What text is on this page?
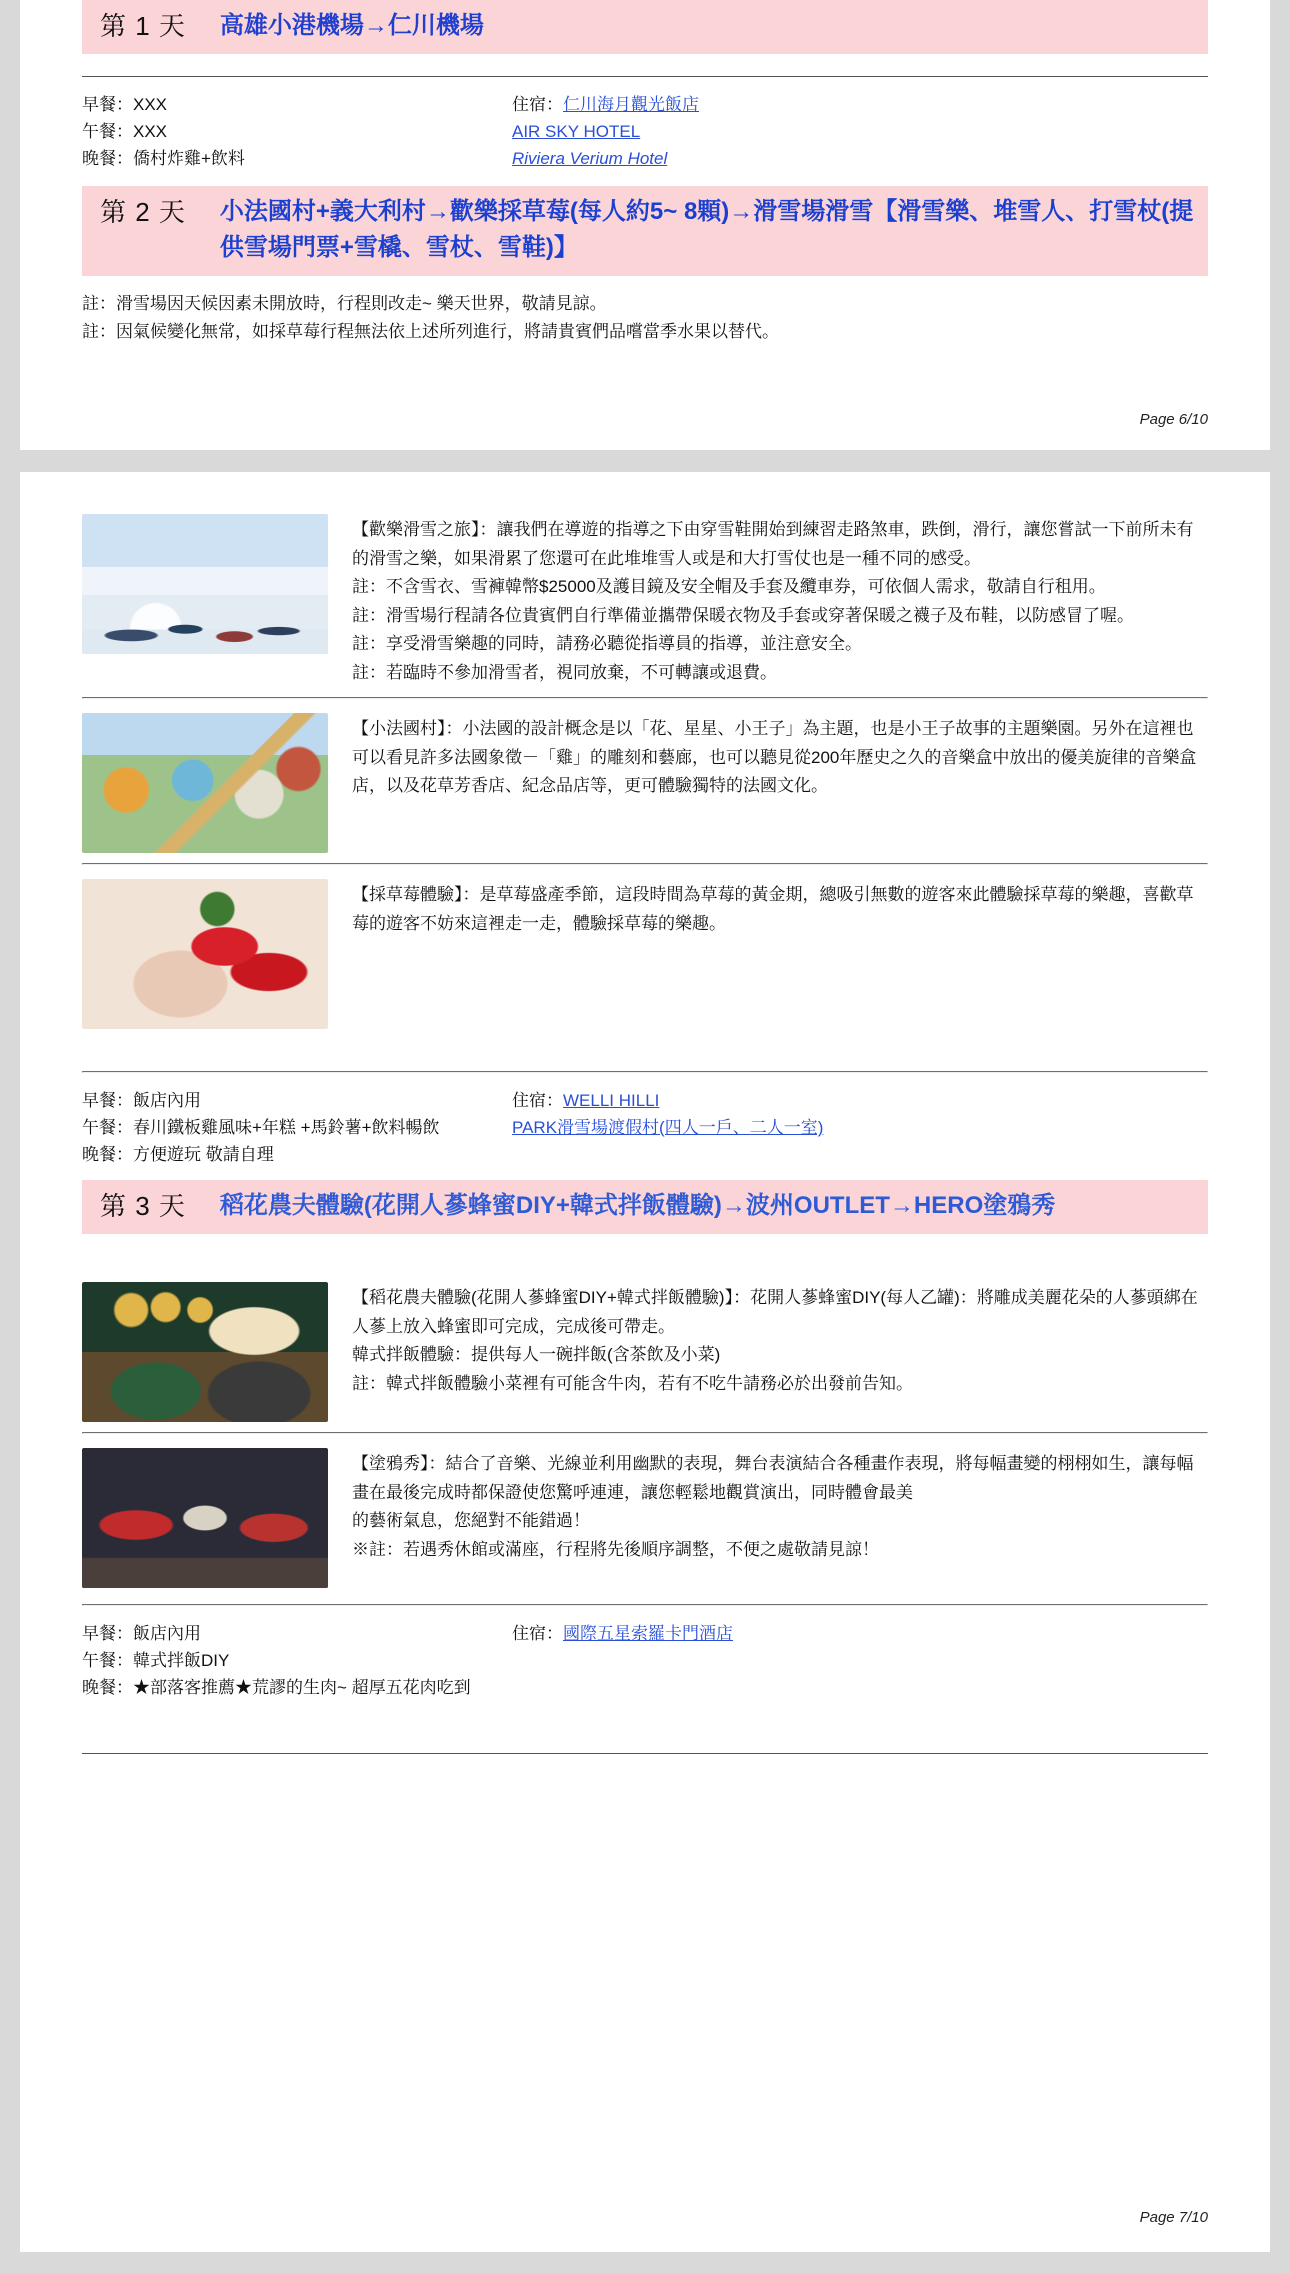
第 1 天	高雄小港機場→仁川機場
早餐：XXX
午餐：XXX
晚餐：僑村炸雞+飲料
住宿：仁川海月觀光飯店
AIR SKY HOTEL
Riviera Verium Hotel
第 2 天	小法國村+義大利村→歡樂採草莓(每人約5~ 8顆)→滑雪場滑雪【滑雪樂、堆雪人、打雪杖(提供雪場門票+雪橇、雪杖、雪鞋)】
註：滑雪場因天候因素未開放時，行程則改走~ 樂天世界，敬請見諒。
註：因氣候變化無常，如採草莓行程無法依上述所列進行，將請貴賓們品嚐當季水果以替代。
Page 6/10
【歡樂滑雪之旅】：讓我們在導遊的指導之下由穿雪鞋開始到練習走路煞車，跌倒，滑行，讓您嘗試一下前所未有的滑雪之樂，如果滑累了您還可在此堆堆雪人或是和大打雪仗也是一種不同的感受。
註：不含雪衣、雪褲韓幣$25000及護目鏡及安全帽及手套及纜車券，可依個人需求，敬請自行租用。
註：滑雪場行程請各位貴賓們自行準備並攜帶保暖衣物及手套或穿著保暖之襪子及布鞋，以防感冒了喔。
註：享受滑雪樂趣的同時，請務必聽從指導員的指導，並注意安全。
註：若臨時不參加滑雪者，視同放棄，不可轉讓或退費。
【小法國村】：小法國的設計概念是以「花、星星、小王子」為主題，也是小王子故事的主題樂園。另外在這裡也可以看見許多法國象徵－「雞」的雕刻和藝廊，也可以聽見從200年歷史之久的音樂盒中放出的優美旋律的音樂盒店，以及花草芳香店、紀念品店等，更可體驗獨特的法國文化。
【採草莓體驗】：是草莓盛產季節，這段時間為草莓的黃金期，總吸引無數的遊客來此體驗採草莓的樂趣，喜歡草莓的遊客不妨來這裡走一走，體驗採草莓的樂趣。
早餐：飯店內用
午餐：春川鐵板雞風味+年糕 +馬鈴薯+飲料暢飲
晚餐：方便遊玩 敬請自理
住宿：WELLI HILLI
PARK滑雪場渡假村(四人一戶、二人一室)
第 3 天	稻花農夫體驗(花開人蔘蜂蜜DIY+韓式拌飯體驗)→波州OUTLET→HERO塗鴉秀
【稻花農夫體驗(花開人蔘蜂蜜DIY+韓式拌飯體驗)】：花開人蔘蜂蜜DIY(每人乙罐)：將雕成美麗花朵的人蔘頭綁在人蔘上放入蜂蜜即可完成，完成後可帶走。
韓式拌飯體驗：提供每人一碗拌飯(含茶飲及小菜)
註：韓式拌飯體驗小菜裡有可能含牛肉，若有不吃牛請務必於出發前告知。
【塗鴉秀】：結合了音樂、光線並利用幽默的表現，舞台表演結合各種畫作表現，將每幅畫變的栩栩如生，讓每幅畫在最後完成時都保證使您驚呼連連，讓您輕鬆地觀賞演出，同時體會最美
的藝術氣息，您絕對不能錯過！
※註：若遇秀休館或滿座，行程將先後順序調整，不便之處敬請見諒！
早餐：飯店內用
午餐：韓式拌飯DIY
晚餐：★部落客推薦★荒謬的生肉~ 超厚五花肉吃到
住宿：國際五星索羅卡門酒店
Page 7/10
